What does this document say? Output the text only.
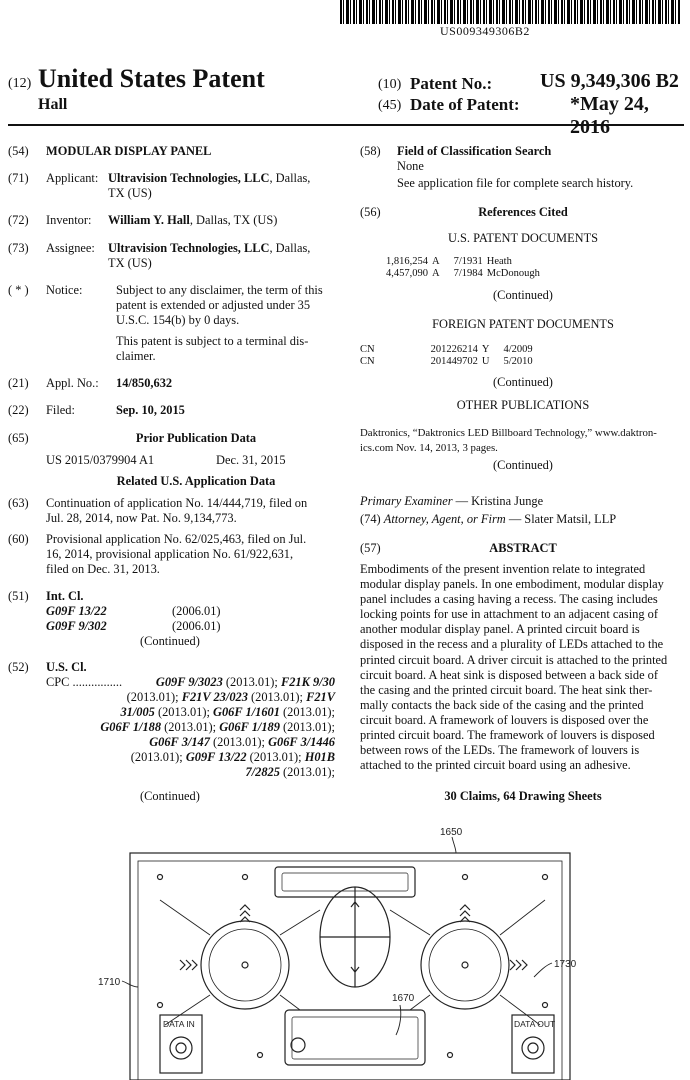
US009349306B2
(12) United States Patent
Hall
(10) Patent No.: US 9,349,306 B2
(45) Date of Patent:	*May 24, 2016
(54)	MODULAR DISPLAY PANEL
(71)	Applicant: Ultravision Technologies, LLC, Dallas,
TX (US)
(72)	Inventor: William Y. Hall, Dallas, TX (US)
(73)	Assignee: Ultravision Technologies, LLC, Dallas,
TX (US)
( * )	Notice:	Subject to any disclaimer, the term of this
patent is extended or adjusted under 35
U.S.C. 154(b) by 0 days.
This patent is subject to a terminal dis-
claimer.
(21)	Appl. No.: 14/850,632
(22)	Filed:	Sep. 10, 2015
(65)	Prior Publication Data
US 2015/0379904 A1	Dec. 31, 2015
Related U.S. Application Data
(63)	Continuation of application No. 14/444,719, filed on
Jul. 28, 2014, now Pat. No. 9,134,773.
(60)	Provisional application No. 62/025,463, filed on Jul.
16, 2014, provisional application No. 61/922,631,
filed on Dec. 31, 2013.
(51)	Int. Cl.
G09F 13/22	(2006.01)
G09F 9/302	(2006.01)
(Continued)
(52)	U.S. Cl.
CPC ................	G09F 9/3023 (2013.01); F21K 9/30
(2013.01); F21V 23/023 (2013.01); F21V
31/005 (2013.01); G06F 1/1601 (2013.01);
G06F 1/188 (2013.01); G06F 1/189 (2013.01);
G06F 3/147 (2013.01); G06F 3/1446
(2013.01); G09F 13/22 (2013.01); H01B
7/2825 (2013.01);
(Continued)
(58)	Field of Classification Search
None
See application file for complete search history.
(56)	References Cited
U.S. PATENT DOCUMENTS
1,816,254	A	7/1931	Heath
4,457,090	A	7/1984	McDonough
(Continued)
FOREIGN PATENT DOCUMENTS
CN	201226214	Y	4/2009
CN	201449702	U	5/2010
(Continued)
OTHER PUBLICATIONS
Daktronics, “Daktronics LED Billboard Technology,” www.daktron-
ics.com Nov. 14, 2013, 3 pages.
(Continued)
Primary Examiner — Kristina Junge
(74) Attorney, Agent, or Firm — Slater Matsil, LLP
(57)	ABSTRACT
Embodiments of the present invention relate to integrated
modular display panels. In one embodiment, modular display
panel includes a casing having a recess. The casing includes
locking points for use in attachment to an adjacent casing of
another modular display panel. A printed circuit board is
disposed in the recess and a plurality of LEDs attached to the
printed circuit board. A driver circuit is attached to the printed
circuit board. A heat sink is disposed between a back side of
the casing and the printed circuit board. The heat sink ther-
mally contacts the back side of the casing and the printed
circuit board. A framework of louvers is disposed over the
printed circuit board. The framework of louvers is disposed
between rows of the LEDs. The framework of louvers is
attached to the printed circuit board using an adhesive.
30 Claims, 64 Drawing Sheets
1650
1710
1730
1670
DATA IN	DATA OUT
